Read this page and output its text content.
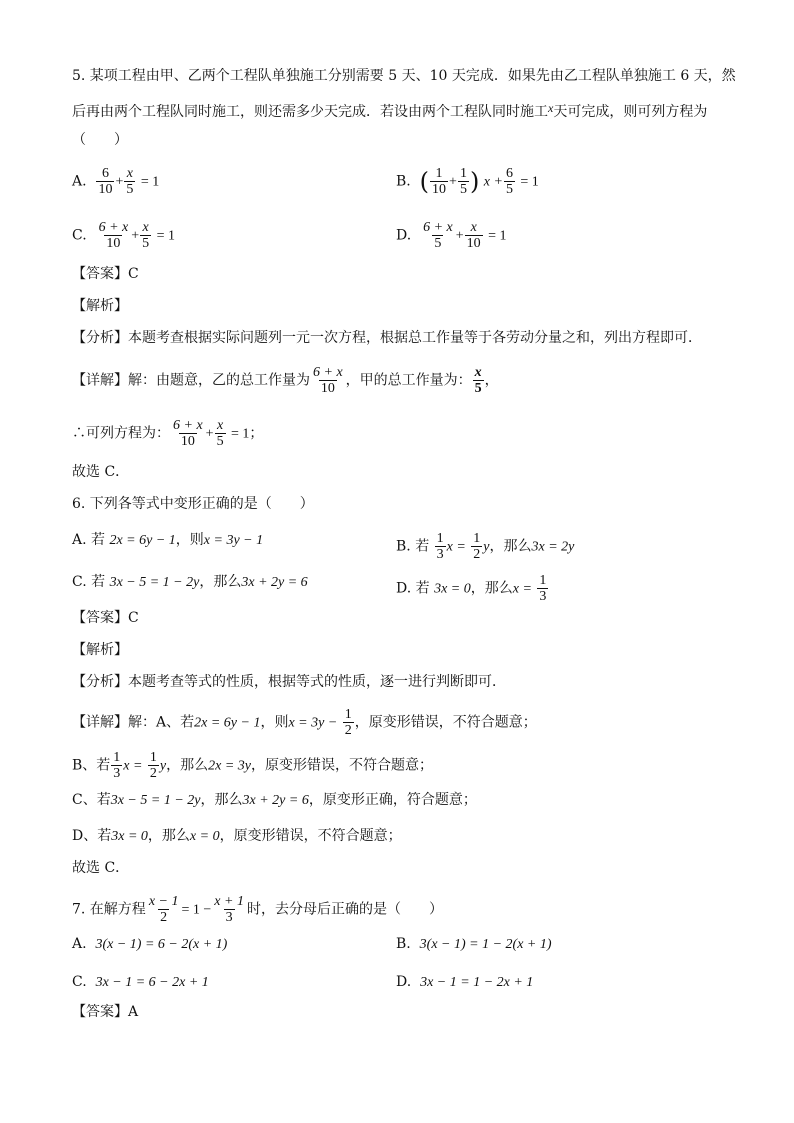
5. 某项工程由甲、乙两个工程队单独施工分别需要 5 天、10 天完成．如果先由乙工程队单独施工 6 天，然
后再由两个工程队同时施工，则还需多少天完成．若设由两个工程队同时施工x天可完成，则可列方程为
（　　）
A. $\frac{6}{10} + \frac{x}{5} = 1$	B. ( $\frac{1}{10} + \frac{1}{5}$ ) $x + \frac{6}{5} = 1$
C. $\frac{6 + x}{10} + \frac{x}{5} = 1$	D. $\frac{6 + x}{5} + \frac{x}{10} = 1$
【答案】C
【解析】
【分析】本题考查根据实际问题列一元一次方程，根据总工作量等于各劳动分量之和，列出方程即可．
【详解】解：由题意，乙的总工作量为 $\frac{6 + x}{10}$ ，甲的总工作量为： $\frac{x}{5}$ ，
∴可列方程为： $\frac{6 + x}{10} + \frac{x}{5} = 1$；
故选 C．
6. 下列各等式中变形正确的是（　　）
A. 若 2x = 6y − 1，则x = 3y − 1	B. 若 $\frac{1}{3}$ $x = \frac{1}{2}$ y，那么3x = 2y
C. 若 3x − 5 = 1 − 2y，那么3x + 2y = 6	D. 若 3x = 0，那么$x = \frac{1}{3}$
【答案】C
【解析】
【分析】本题考查等式的性质，根据等式的性质，逐一进行判断即可．
【详解】解：A、若2x = 6y − 1，则$x = 3y - \frac{1}{2}$ ，原变形错误，不符合题意；
B、若 $\frac{1}{3}$ $x = \frac{1}{2}$ y，那么2x = 3y，原变形错误，不符合题意；
C、若3x − 5 = 1 − 2y，那么3x + 2y = 6，原变形正确，符合题意；
D、若3x = 0，那么x = 0，原变形错误，不符合题意；
故选 C．
7. 在解方程 $\frac{x - 1}{2} = 1 - \frac{x + 1}{3}$ 时，去分母后正确的是（　　）
A. 3(x − 1) = 6 − 2(x + 1)	B. 3(x − 1) = 1 − 2(x + 1)
C. 3x − 1 = 6 − 2x + 1	D. 3x − 1 = 1 − 2x + 1
【答案】A
